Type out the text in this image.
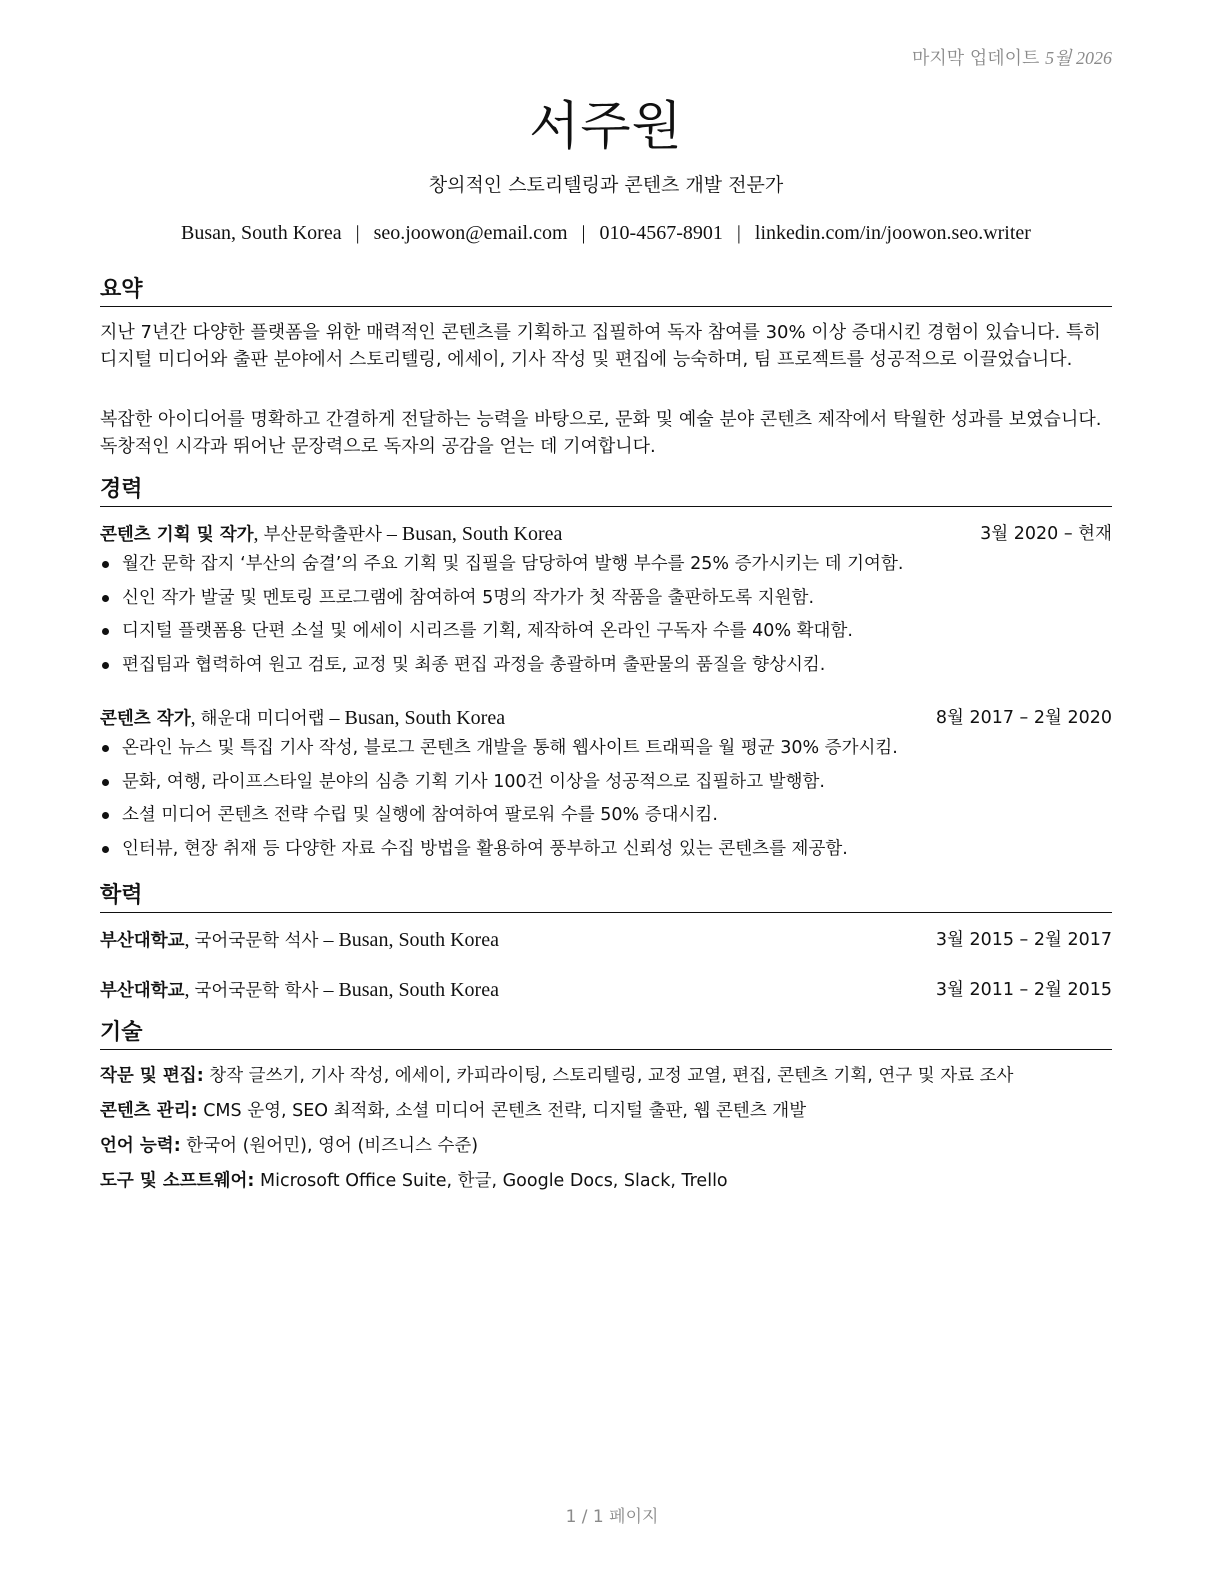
마지막 업데이트 5월 2026
서주원
창의적인 스토리텔링과 콘텐츠 개발 전문가
Busan, South Korea | seo.joowon@email.com | 010-4567-8901 | linkedin.com/in/joowon.seo.writer
요약
지난 7년간 다양한 플랫폼을 위한 매력적인 콘텐츠를 기획하고 집필하여 독자 참여를 30% 이상 증대시킨 경험이 있습니다. 특히 디지털 미디어와 출판 분야에서 스토리텔링, 에세이, 기사 작성 및 편집에 능숙하며, 팀 프로젝트를 성공적으로 이끌었습니다.
복잡한 아이디어를 명확하고 간결하게 전달하는 능력을 바탕으로, 문화 및 예술 분야 콘텐츠 제작에서 탁월한 성과를 보였습니다. 독창적인 시각과 뛰어난 문장력으로 독자의 공감을 얻는 데 기여합니다.
경력
콘텐츠 기획 및 작가, 부산문학출판사 – Busan, South Korea	3월 2020 – 현재
월간 문학 잡지 ‘부산의 숨결’의 주요 기획 및 집필을 담당하여 발행 부수를 25% 증가시키는 데 기여함.
신인 작가 발굴 및 멘토링 프로그램에 참여하여 5명의 작가가 첫 작품을 출판하도록 지원함.
디지털 플랫폼용 단편 소설 및 에세이 시리즈를 기획, 제작하여 온라인 구독자 수를 40% 확대함.
편집팀과 협력하여 원고 검토, 교정 및 최종 편집 과정을 총괄하며 출판물의 품질을 향상시킴.
콘텐츠 작가, 해운대 미디어랩 – Busan, South Korea	8월 2017 – 2월 2020
온라인 뉴스 및 특집 기사 작성, 블로그 콘텐츠 개발을 통해 웹사이트 트래픽을 월 평균 30% 증가시킴.
문화, 여행, 라이프스타일 분야의 심층 기획 기사 100건 이상을 성공적으로 집필하고 발행함.
소셜 미디어 콘텐츠 전략 수립 및 실행에 참여하여 팔로워 수를 50% 증대시킴.
인터뷰, 현장 취재 등 다양한 자료 수집 방법을 활용하여 풍부하고 신뢰성 있는 콘텐츠를 제공함.
학력
부산대학교, 국어국문학 석사 – Busan, South Korea	3월 2015 – 2월 2017
부산대학교, 국어국문학 학사 – Busan, South Korea	3월 2011 – 2월 2015
기술
작문 및 편집: 창작 글쓰기, 기사 작성, 에세이, 카피라이팅, 스토리텔링, 교정 교열, 편집, 콘텐츠 기획, 연구 및 자료 조사
콘텐츠 관리: CMS 운영, SEO 최적화, 소셜 미디어 콘텐츠 전략, 디지털 출판, 웹 콘텐츠 개발
언어 능력: 한국어 (원어민), 영어 (비즈니스 수준)
도구 및 소프트웨어: Microsoft Office Suite, 한글, Google Docs, Slack, Trello
1 / 1 페이지
